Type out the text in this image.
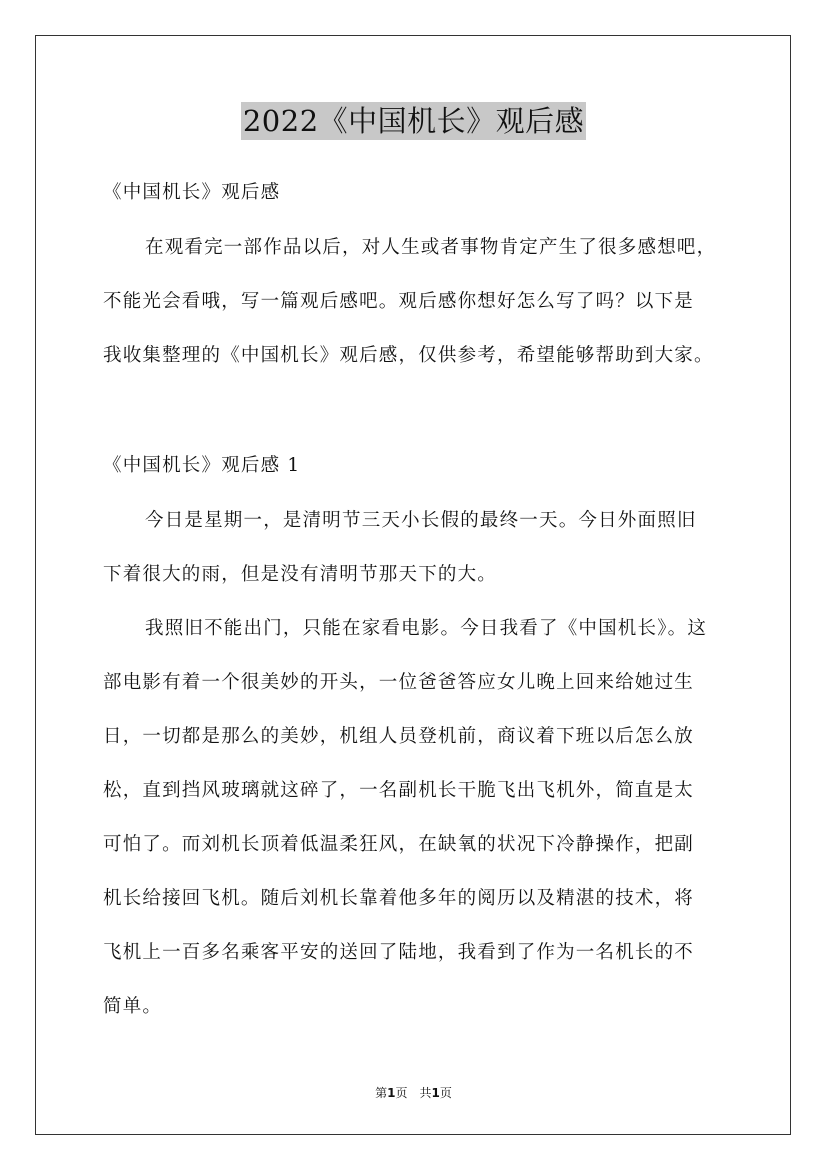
2022《中国机长》观后感
《中国机长》观后感
在观看完一部作品以后，对人生或者事物肯定产生了很多感想吧，
不能光会看哦，写一篇观后感吧。观后感你想好怎么写了吗？以下是
我收集整理的《中国机长》观后感，仅供参考，希望能够帮助到大家。
《中国机长》观后感 1
今日是星期一，是清明节三天小长假的最终一天。今日外面照旧
下着很大的雨，但是没有清明节那天下的大。
我照旧不能出门，只能在家看电影。今日我看了《中国机长》。这
部电影有着一个很美妙的开头，一位爸爸答应女儿晚上回来给她过生
日，一切都是那么的美妙，机组人员登机前，商议着下班以后怎么放
松，直到挡风玻璃就这碎了，一名副机长干脆飞出飞机外，简直是太
可怕了。而刘机长顶着低温柔狂风，在缺氧的状况下冷静操作，把副
机长给接回飞机。随后刘机长靠着他多年的阅历以及精湛的技术，将
飞机上一百多名乘客平安的送回了陆地，我看到了作为一名机长的不
简单。
第1页　共1页
